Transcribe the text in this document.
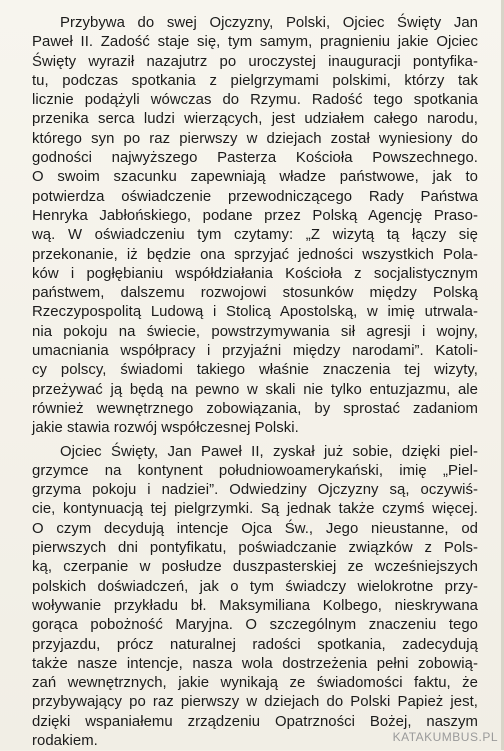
Przybywa do swej Ojczyzny, Polski, Ojciec Święty Jan
Paweł II. Zadość staje się, tym samym, pragnieniu jakie Ojciec
Święty wyraził nazajutrz po uroczystej inauguracji pontyfika-
tu, podczas spotkania z pielgrzymami polskimi, którzy tak
licznie podążyli wówczas do Rzymu. Radość tego spotkania
przenika serca ludzi wierzących, jest udziałem całego narodu,
którego syn po raz pierwszy w dziejach został wyniesiony do
godności najwyższego Pasterza Kościoła Powszechnego.
O swoim szacunku zapewniają władze państwowe, jak to
potwierdza oświadczenie przewodniczącego Rady Państwa
Henryka Jabłońskiego, podane przez Polską Agencję Praso-
wą. W oświadczeniu tym czytamy: „Z wizytą tą łączy się
przekonanie, iż będzie ona sprzyjać jedności wszystkich Pola-
ków i pogłębianiu współdziałania Kościoła z socjalistycznym
państwem, dalszemu rozwojowi stosunków między Polską
Rzeczypospolitą Ludową i Stolicą Apostolską, w imię utrwala-
nia pokoju na świecie, powstrzymywania sił agresji i wojny,
umacniania współpracy i przyjaźni między narodami”. Katoli-
cy polscy, świadomi takiego właśnie znaczenia tej wizyty,
przeżywać ją będą na pewno w skali nie tylko entuzjazmu, ale
również wewnętrznego zobowiązania, by sprostać zadaniom
jakie stawia rozwój współczesnej Polski.
Ojciec Święty, Jan Paweł II, zyskał już sobie, dzięki piel-
grzymce na kontynent południowoamerykański, imię „Piel-
grzyma pokoju i nadziei”. Odwiedziny Ojczyzny są, oczywiś-
cie, kontynuacją tej pielgrzymki. Są jednak także czymś więcej.
O czym decydują intencje Ojca Św., Jego nieustanne, od
pierwszych dni pontyfikatu, poświadczanie związków z Pols-
ką, czerpanie w posłudze duszpasterskiej ze wcześniejszych
polskich doświadczeń, jak o tym świadczy wielokrotne przy-
woływanie przykładu bł. Maksymiliana Kolbego, nieskrywana
gorąca pobożność Maryjna. O szczególnym znaczeniu tego
przyjazdu, prócz naturalnej radości spotkania, zadecydują
także nasze intencje, nasza wola dostrzeżenia pełni zobowią-
zań wewnętrznych, jakie wynikają ze świadomości faktu, że
przybywający po raz pierwszy w dziejach do Polski Papież jest,
dzięki wspaniałemu zrządzeniu Opatrzności Bożej, naszym
rodakiem.	KATAKUMBUS.PL
